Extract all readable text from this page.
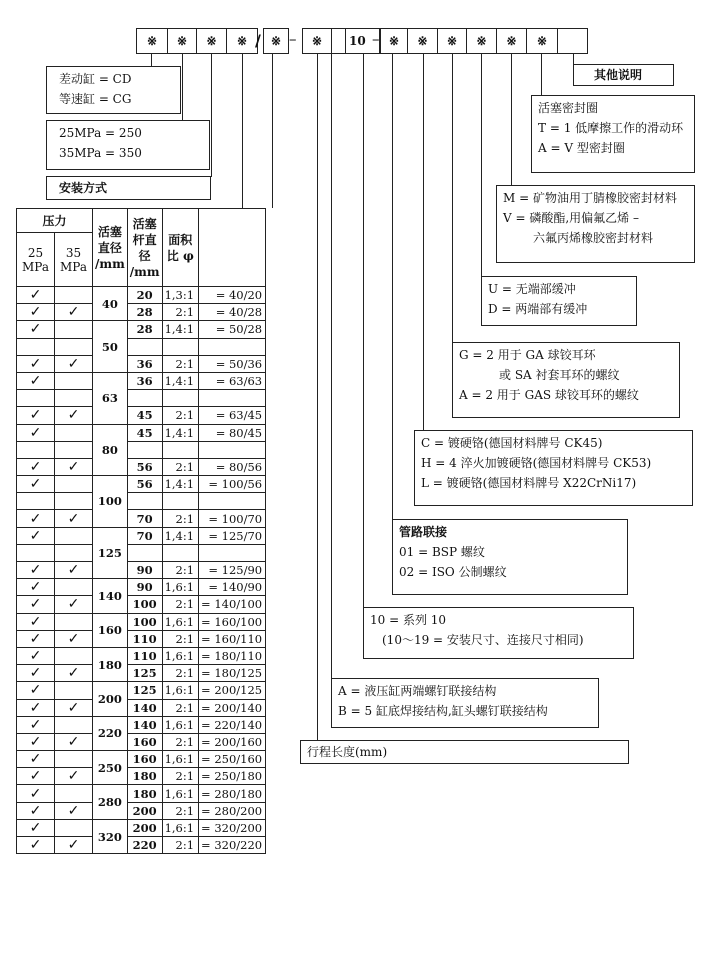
※	※	※	※ / ※ –	※	10 – ※	※	※	※	※	※
差动缸 = CD
等速缸 = CG
25MPa = 250
35MPa = 350
安装方式
其他说明
活塞密封圈
T = 1 低摩擦工作的滑动环
A = V 型密封圈
M = 矿物油用丁腈橡胶密封材料
V = 磷酸酯,用偏氟乙烯 –
六氟丙烯橡胶密封材料
U = 无端部缓冲
D = 两端部有缓冲
G = 2 用于 GA 球铰耳环
或 SA 衬套耳环的螺纹
A = 2 用于 GAS 球铰耳环的螺纹
C = 镀硬铬(德国材料牌号 CK45)
H = 4 淬火加镀硬铬(德国材料牌号 CK53)
L = 镀硬铬(德国材料牌号 X22CrNi17)
管路联接
01 = BSP 螺纹
02 = ISO 公制螺纹
10 = 系列 10
(10～19 = 安装尺寸、连接尺寸相同)
A = 液压缸两端螺钉联接结构
B = 5 缸底焊接结构,缸头螺钉联接结构
行程长度(mm)
压力		活塞直径 /mm	活塞杆直径 /mm	面积比 φ	
25 MPa	35 MPa				
✓		40	20	1,3:1	= 40/20
✓	✓		28	2:1	= 40/28
✓		50	28	1,4:1	= 50/28

✓	✓		36	2:1	= 50/36
✓		63	36	1,4:1	= 63/63

✓	✓		45	2:1	= 63/45
✓		80	45	1,4:1	= 80/45

✓	✓		56	2:1	= 80/56
✓		100	56	1,4:1	= 100/56

✓	✓		70	2:1	= 100/70
✓		125	70	1,4:1	= 125/70

✓	✓		90	2:1	= 125/90
✓		140	90	1,6:1	= 140/90
✓	✓		100	2:1	= 140/100
✓		160	100	1,6:1	= 160/100
✓	✓		110	2:1	= 160/110
✓		180	110	1,6:1	= 180/110
✓	✓		125	2:1	= 180/125
✓		200	125	1,6:1	= 200/125
✓	✓		140	2:1	= 200/140
✓		220	140	1,6:1	= 220/140
✓	✓		160	2:1	= 200/160
✓		250	160	1,6:1	= 250/160
✓	✓		180	2:1	= 250/180
✓		280	180	1,6:1	= 280/180
✓	✓		200	2:1	= 280/200
✓		320	200	1,6:1	= 320/200
✓	✓		220	2:1	= 320/220
